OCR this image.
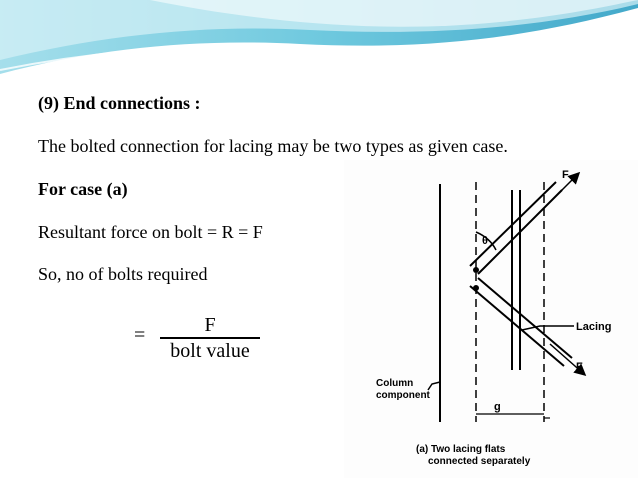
(9) End connections :

The bolted connection for lacing may be two types as given case.

For case (a)

Resultant force on bolt = R = F

So, no of bolts required

=	F
bolt value
F
F
θ
Lacing
Column
component
g
(a) Two lacing flats
connected separately
